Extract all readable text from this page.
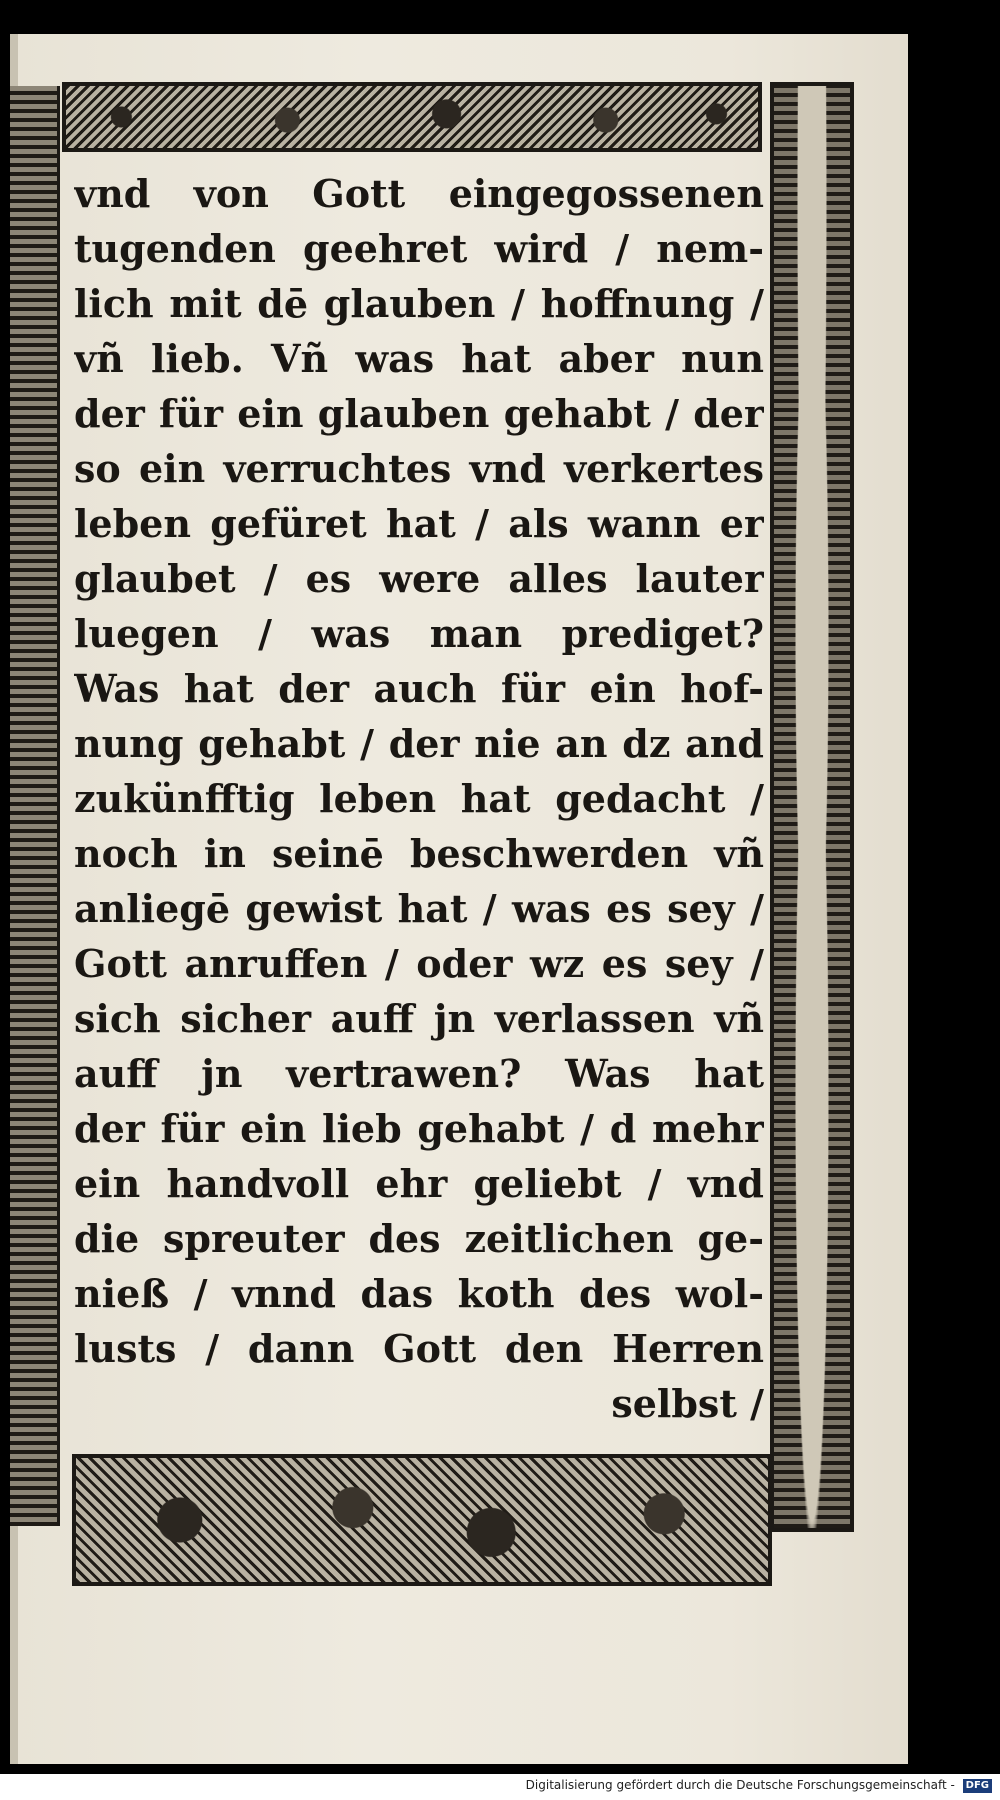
vnd von Gott eingegossenen
tugenden geehret wird / nem-
lich mit dē glauben / hoffnung /
vñ lieb. Vñ was hat aber nun
der für ein glauben gehabt / der
so ein verruchtes vnd verkertes
leben gefüret hat / als wann er
glaubet / es were alles lauter
luegen / was man prediget?
Was hat der auch für ein hof-
nung gehabt / der nie an dz and
zukünfftig leben hat gedacht /
noch in seinē beschwerden vñ
anliegē gewist hat / was es sey /
Gott anruffen / oder wz es sey /
sich sicher auff jn verlassen vñ
auff jn vertrawen? Was hat
der für ein lieb gehabt / d mehr
ein handvoll ehr geliebt / vnd
die spreuter des zeitlichen ge-
nieß / vnnd das koth des wol-
lusts / dann Gott den Herren
selbst /
Digitalisierung gefördert durch die Deutsche Forschungsgemeinschaft - DFG
